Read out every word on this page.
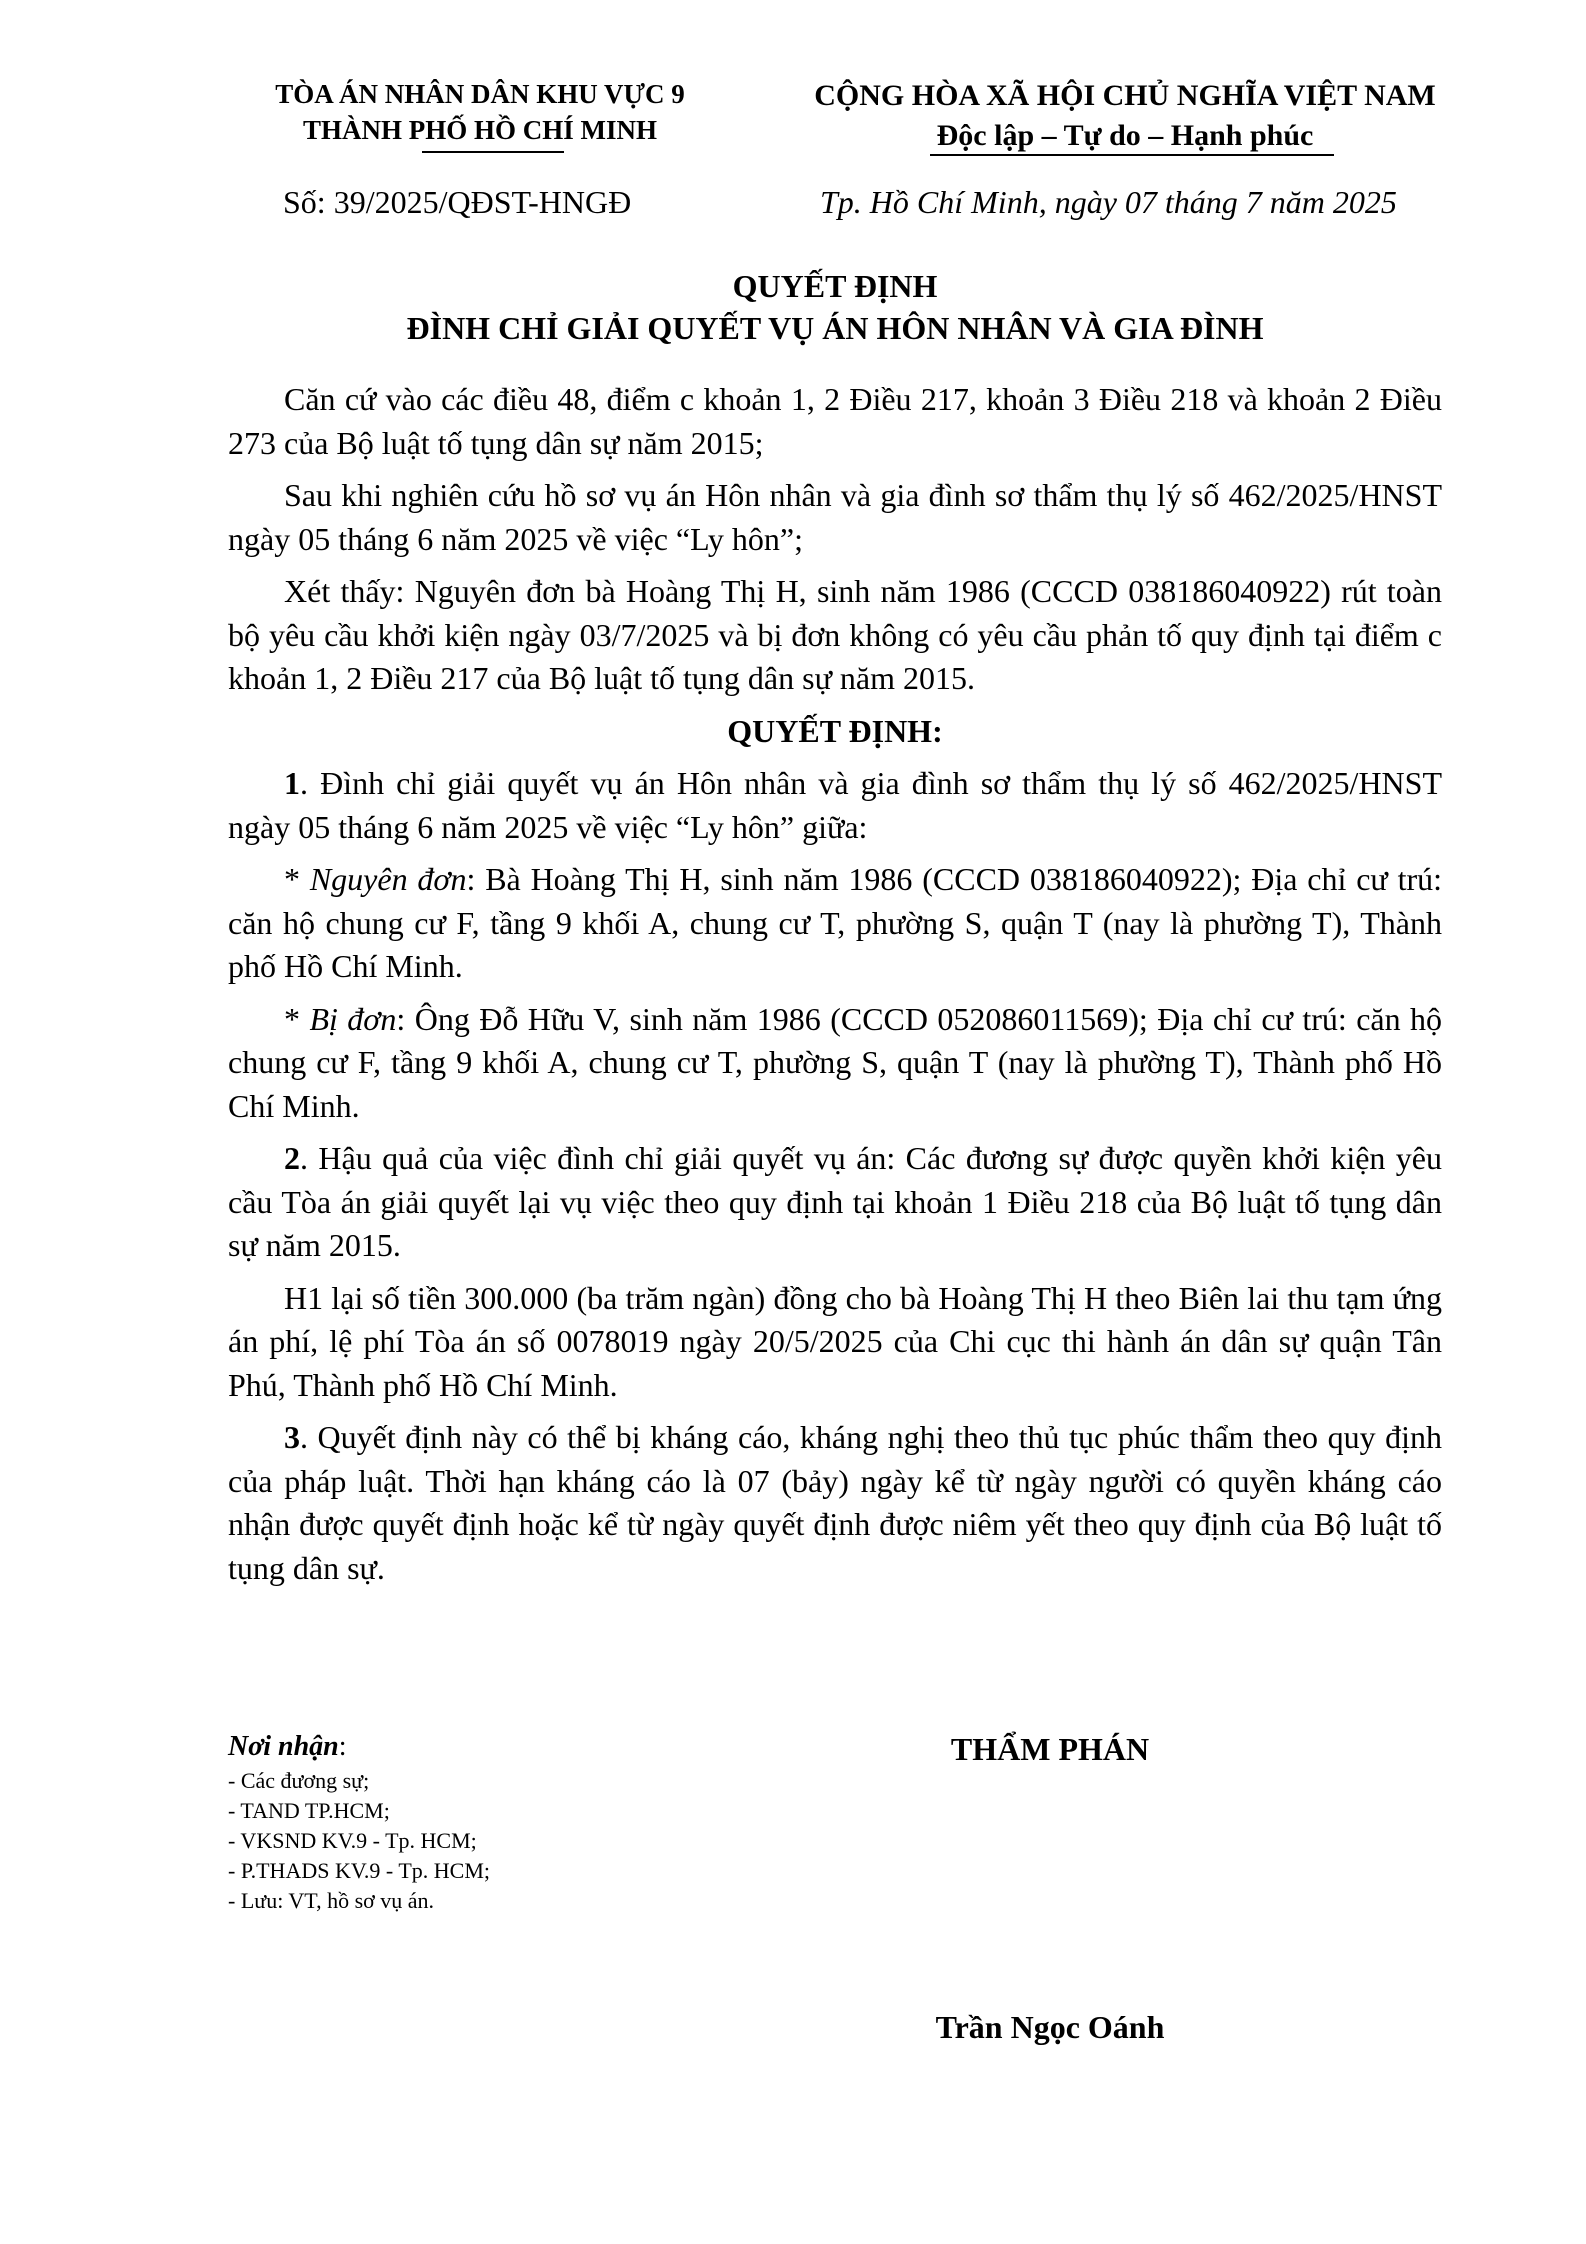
TÒA ÁN NHÂN DÂN KHU VỰC 9
THÀNH PHỐ HỒ CHÍ MINH
CỘNG HÒA XÃ HỘI CHỦ NGHĨA VIỆT NAM
Độc lập – Tự do – Hạnh phúc
Số: 39/2025/QĐST-HNGĐ	Tp. Hồ Chí Minh, ngày 07 tháng 7 năm 2025
QUYẾT ĐỊNH
ĐÌNH CHỈ GIẢI QUYẾT VỤ ÁN HÔN NHÂN VÀ GIA ĐÌNH

Căn cứ vào các điều 48, điểm c khoản 1, 2 Điều 217, khoản 3 Điều 218 và khoản 2 Điều 273 của Bộ luật tố tụng dân sự năm 2015;

Sau khi nghiên cứu hồ sơ vụ án Hôn nhân và gia đình sơ thẩm thụ lý số 462/2025/HNST ngày 05 tháng 6 năm 2025 về việc “Ly hôn”;

Xét thấy: Nguyên đơn bà Hoàng Thị H, sinh năm 1986 (CCCD 038186040922) rút toàn bộ yêu cầu khởi kiện ngày 03/7/2025 và bị đơn không có yêu cầu phản tố quy định tại điểm c khoản 1, 2 Điều 217 của Bộ luật tố tụng dân sự năm 2015.

QUYẾT ĐỊNH:

1. Đình chỉ giải quyết vụ án Hôn nhân và gia đình sơ thẩm thụ lý số 462/2025/HNST ngày 05 tháng 6 năm 2025 về việc “Ly hôn” giữa:

* Nguyên đơn: Bà Hoàng Thị H, sinh năm 1986 (CCCD 038186040922); Địa chỉ cư trú: căn hộ chung cư F, tầng 9 khối A, chung cư T, phường S, quận T (nay là phường T), Thành phố Hồ Chí Minh.

* Bị đơn: Ông Đỗ Hữu V, sinh năm 1986 (CCCD 052086011569); Địa chỉ cư trú: căn hộ chung cư F, tầng 9 khối A, chung cư T, phường S, quận T (nay là phường T), Thành phố Hồ Chí Minh.

2. Hậu quả của việc đình chỉ giải quyết vụ án: Các đương sự được quyền khởi kiện yêu cầu Tòa án giải quyết lại vụ việc theo quy định tại khoản 1 Điều 218 của Bộ luật tố tụng dân sự năm 2015.

H1 lại số tiền 300.000 (ba trăm ngàn) đồng cho bà Hoàng Thị H theo Biên lai thu tạm ứng án phí, lệ phí Tòa án số 0078019 ngày 20/5/2025 của Chi cục thi hành án dân sự quận Tân Phú, Thành phố Hồ Chí Minh.

3. Quyết định này có thể bị kháng cáo, kháng nghị theo thủ tục phúc thẩm theo quy định của pháp luật. Thời hạn kháng cáo là 07 (bảy) ngày kể từ ngày người có quyền kháng cáo nhận được quyết định hoặc kể từ ngày quyết định được niêm yết theo quy định của Bộ luật tố tụng dân sự.

Nơi nhận:
- Các đương sự;
- TAND TP.HCM;
- VKSND KV.9 - Tp. HCM;
- P.THADS KV.9 - Tp. HCM;
- Lưu: VT, hồ sơ vụ án.
THẨM PHÁN
Trần Ngọc Oánh
